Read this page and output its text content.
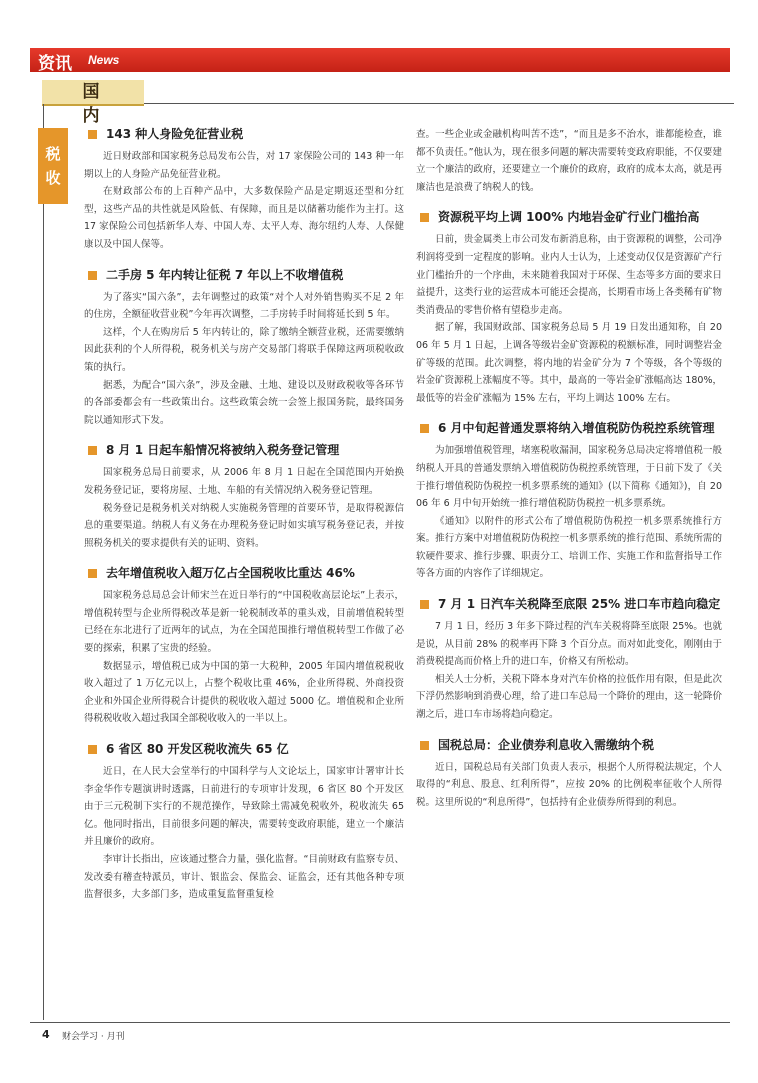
资讯 News
国 内
税收
143 种人身险免征营业税

近日财政部和国家税务总局发布公告，对 17 家保险公司的 143 种一年期以上的人身险产品免征营业税。

在财政部公布的上百种产品中，大多数保险产品是定期返还型和分红型，这些产品的共性就是风险低、有保障，而且是以储蓄功能作为主打。这 17 家保险公司包括新华人寿、中国人寿、太平人寿、海尔纽约人寿、人保健康以及中国人保等。

二手房 5 年内转让征税 7 年以上不收增值税

为了落实“国六条”，去年调整过的政策“对个人对外销售购买不足 2 年的住房，全额征收营业税”今年再次调整，二手房转手时间将延长到 5 年。

这样，个人在购房后 5 年内转让的，除了缴纳全额营业税，还需要缴纳因此获利的个人所得税，税务机关与房产交易部门将联手保障这两项税收政策的执行。

据悉，为配合“国六条”，涉及金融、土地、建设以及财政税收等各环节的各部委都会有一些政策出台。这些政策会统一会签上报国务院，最终国务院以通知形式下发。

8 月 1 日起车船情况将被纳入税务登记管理

国家税务总局日前要求，从 2006 年 8 月 1 日起在全国范围内开始换发税务登记证，要将房屋、土地、车船的有关情况纳入税务登记管理。

税务登记是税务机关对纳税人实施税务管理的首要环节，是取得税源信息的重要渠道。纳税人有义务在办理税务登记时如实填写税务登记表，并按照税务机关的要求提供有关的证明、资料。

去年增值税收入超万亿占全国税收比重达 46%

国家税务总局总会计师宋兰在近日举行的“中国税收高层论坛”上表示，增值税转型与企业所得税改革是新一轮税制改革的重头戏，目前增值税转型已经在东北进行了近两年的试点，为在全国范围推行增值税转型工作做了必要的探索，积累了宝贵的经验。

数据显示，增值税已成为中国的第一大税种，2005 年国内增值税税收收入超过了 1 万亿元以上，占整个税收比重 46%，企业所得税、外商投资企业和外国企业所得税合计提供的税收收入超过 5000 亿。增值税和企业所得税税收收入超过我国全部税收收入的一半以上。

6 省区 80 开发区税收流失 65 亿

近日，在人民大会堂举行的中国科学与人文论坛上，国家审计署审计长李金华作专题演讲时透露，日前进行的专项审计发现，6 省区 80 个开发区由于三元税制下实行的不规范操作，导致除土需减免税收外，税收流失 65 亿。他同时指出，目前很多问题的解决，需要转变政府职能，建立一个廉洁并且廉价的政府。

李审计长指出，应该通过整合力量，强化监督。“目前财政有监察专员、发改委有稽查特派员，审计、银监会、保监会、证监会，还有其他各种专项监督很多，大多部门多，造成重复监督重复检

查。一些企业或金融机构叫苦不迭”，“而且是多不治水，谁都能检查，谁都不负责任。”他认为，现在很多问题的解决需要转变政府职能，不仅要建立一个廉洁的政府，还要建立一个廉价的政府，政府的成本太高，就是再廉洁也是浪费了纳税人的钱。

资源税平均上调 100% 内地岩金矿行业门槛抬高

日前，贵金属类上市公司发布新消息称，由于资源税的调整，公司净利润将受到一定程度的影响。业内人士认为，上述变动仅仅是资源矿产行业门槛抬升的一个序曲，未来随着我国对于环保、生态等多方面的要求日益提升，这类行业的运营成本可能还会提高，长期看市场上各类稀有矿物类消费品的零售价格有望稳步走高。

据了解，我国财政部、国家税务总局 5 月 19 日发出通知称，自 2006 年 5 月 1 日起，上调各等级岩金矿资源税的税额标准，同时调整岩金矿等级的范围。此次调整，将内地的岩金矿分为 7 个等级，各个等级的岩金矿资源税上涨幅度不等。其中，最高的一等岩金矿涨幅高达 180%，最低等的岩金矿涨幅为 15% 左右，平均上调达 100% 左右。

6 月中旬起普通发票将纳入增值税防伪税控系统管理

为加强增值税管理，堵塞税收漏洞，国家税务总局决定将增值税一般纳税人开具的普通发票纳入增值税防伪税控系统管理，于日前下发了《关于推行增值税防伪税控一机多票系统的通知》(以下简称《通知》)，自 2006 年 6 月中旬开始统一推行增值税防伪税控一机多票系统。

《通知》以附件的形式公布了增值税防伪税控一机多票系统推行方案。推行方案中对增值税防伪税控一机多票系统的推行范围、系统所需的软硬件要求、推行步骤、职责分工、培训工作、实施工作和监督指导工作等各方面的内容作了详细规定。

7 月 1 日汽车关税降至底限 25% 进口车市趋向稳定

7 月 1 日，经历 3 年多下降过程的汽车关税将降至底限 25%。也就是说，从目前 28% 的税率再下降 3 个百分点。而对如此变化，刚刚由于消费税提高而价格上升的进口车，价格又有所松动。

相关人士分析，关税下降本身对汽车价格的拉低作用有限，但是此次下浮仍然影响到消费心理，给了进口车总局一个降价的理由，这一轮降价潮之后，进口车市场将趋向稳定。

国税总局：企业债券利息收入需缴纳个税

近日，国税总局有关部门负责人表示，根据个人所得税法规定，个人取得的“利息、股息、红利所得”，应按 20% 的比例税率征收个人所得税。这里所说的“利息所得”，包括持有企业债券所得到的利息。

4 财会学习 · 月刊
